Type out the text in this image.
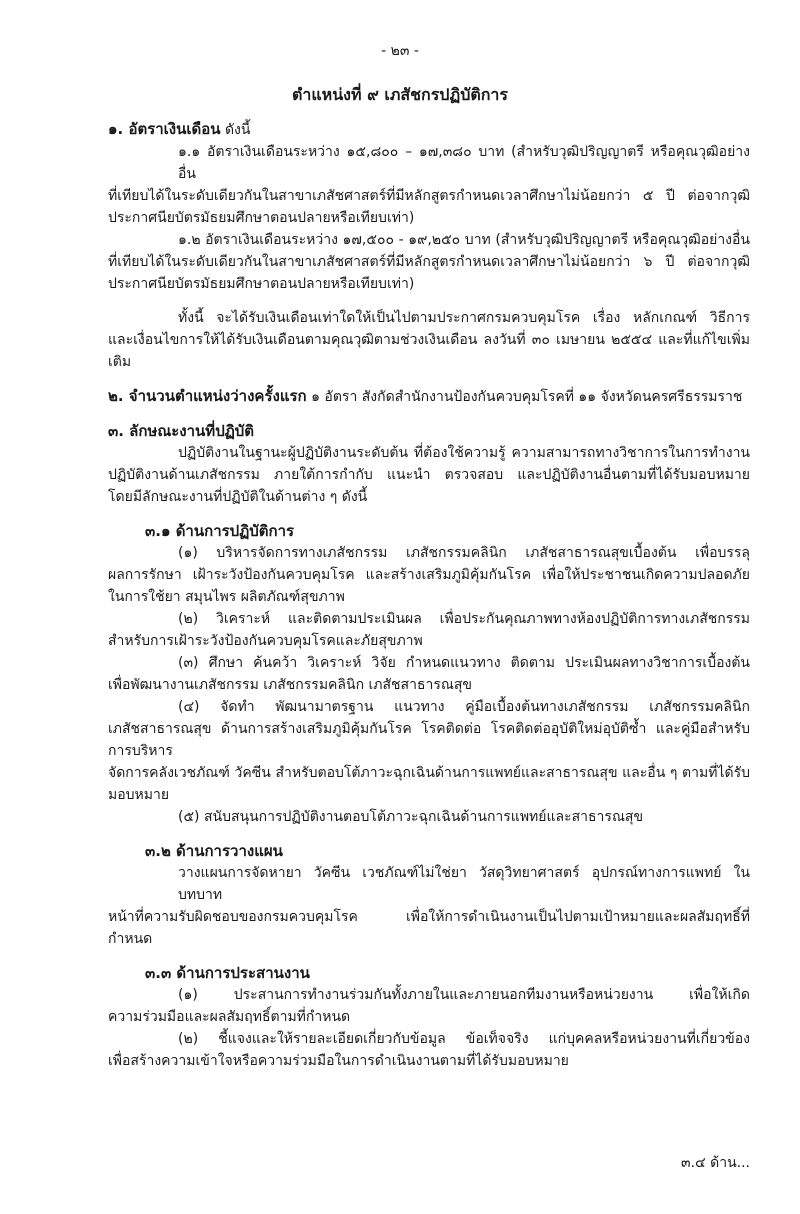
- ๒๓ -
ตำแหน่งที่ ๙ เภสัชกรปฏิบัติการ
๑. อัตราเงินเดือน ดังนี้
๑.๑ อัตราเงินเดือนระหว่าง ๑๕,๘๐๐ – ๑๗,๓๘๐ บาท (สำหรับวุฒิปริญญาตรี หรือคุณวุฒิอย่างอื่น
ที่เทียบได้ในระดับเดียวกันในสาขาเภสัชศาสตร์ที่มีหลักสูตรกำหนดเวลาศึกษาไม่น้อยกว่า ๕ ปี ต่อจากวุฒิ
ประกาศนียบัตรมัธยมศึกษาตอนปลายหรือเทียบเท่า)
๑.๒ อัตราเงินเดือนระหว่าง ๑๗,๕๐๐ - ๑๙,๒๕๐ บาท (สำหรับวุฒิปริญญาตรี หรือคุณวุฒิอย่างอื่น
ที่เทียบได้ในระดับเดียวกันในสาขาเภสัชศาสตร์ที่มีหลักสูตรกำหนดเวลาศึกษาไม่น้อยกว่า ๖ ปี ต่อจากวุฒิ
ประกาศนียบัตรมัธยมศึกษาตอนปลายหรือเทียบเท่า)
ทั้งนี้ จะได้รับเงินเดือนเท่าใดให้เป็นไปตามประกาศกรมควบคุมโรค เรื่อง หลักเกณฑ์ วิธีการ
และเงื่อนไขการให้ได้รับเงินเดือนตามคุณวุฒิตามช่วงเงินเดือน ลงวันที่ ๓๐ เมษายน ๒๕๕๔ และที่แก้ไขเพิ่มเติม
๒. จำนวนตำแหน่งว่างครั้งแรก ๑ อัตรา สังกัดสำนักงานป้องกันควบคุมโรคที่ ๑๑ จังหวัดนครศรีธรรมราช
๓. ลักษณะงานที่ปฏิบัติ
ปฏิบัติงานในฐานะผู้ปฏิบัติงานระดับต้น ที่ต้องใช้ความรู้ ความสามารถทางวิชาการในการทำงาน
ปฏิบัติงานด้านเภสัชกรรม ภายใต้การกำกับ แนะนำ ตรวจสอบ และปฏิบัติงานอื่นตามที่ได้รับมอบหมาย
โดยมีลักษณะงานที่ปฏิบัติในด้านต่าง ๆ ดังนี้
๓.๑ ด้านการปฏิบัติการ
(๑) บริหารจัดการทางเภสัชกรรม เภสัชกรรมคลินิก เภสัชสาธารณสุขเบื้องต้น เพื่อบรรลุ
ผลการรักษา เฝ้าระวังป้องกันควบคุมโรค และสร้างเสริมภูมิคุ้มกันโรค เพื่อให้ประชาชนเกิดความปลอดภัย
ในการใช้ยา สมุนไพร ผลิตภัณฑ์สุขภาพ
(๒) วิเคราะห์ และติดตามประเมินผล เพื่อประกันคุณภาพทางห้องปฏิบัติการทางเภสัชกรรม
สำหรับการเฝ้าระวังป้องกันควบคุมโรคและภัยสุขภาพ
(๓) ศึกษา ค้นคว้า วิเคราะห์ วิจัย กำหนดแนวทาง ติดตาม ประเมินผลทางวิชาการเบื้องต้น
เพื่อพัฒนางานเภสัชกรรม เภสัชกรรมคลินิก เภสัชสาธารณสุข
(๔) จัดทำ พัฒนามาตรฐาน แนวทาง คู่มือเบื้องต้นทางเภสัชกรรม เภสัชกรรมคลินิก
เภสัชสาธารณสุข ด้านการสร้างเสริมภูมิคุ้มกันโรค โรคติดต่อ โรคติดต่ออุบัติใหม่อุบัติซ้ำ และคู่มือสำหรับการบริหาร
จัดการคลังเวชภัณฑ์ วัคซีน สำหรับตอบโต้ภาวะฉุกเฉินด้านการแพทย์และสาธารณสุข และอื่น ๆ ตามที่ได้รับมอบหมาย
(๕) สนับสนุนการปฏิบัติงานตอบโต้ภาวะฉุกเฉินด้านการแพทย์และสาธารณสุข
๓.๒ ด้านการวางแผน
วางแผนการจัดหายา วัคซีน เวชภัณฑ์ไม่ใช่ยา วัสดุวิทยาศาสตร์ อุปกรณ์ทางการแพทย์ ในบทบาท
หน้าที่ความรับผิดชอบของกรมควบคุมโรค เพื่อให้การดำเนินงานเป็นไปตามเป้าหมายและผลสัมฤทธิ์ที่กำหนด
๓.๓ ด้านการประสานงาน
(๑) ประสานการทำงานร่วมกันทั้งภายในและภายนอกทีมงานหรือหน่วยงาน เพื่อให้เกิด
ความร่วมมือและผลสัมฤทธิ์ตามที่กำหนด
(๒) ชี้แจงและให้รายละเอียดเกี่ยวกับข้อมูล ข้อเท็จจริง แก่บุคคลหรือหน่วยงานที่เกี่ยวข้อง
เพื่อสร้างความเข้าใจหรือความร่วมมือในการดำเนินงานตามที่ได้รับมอบหมาย
๓.๔ ด้าน...
